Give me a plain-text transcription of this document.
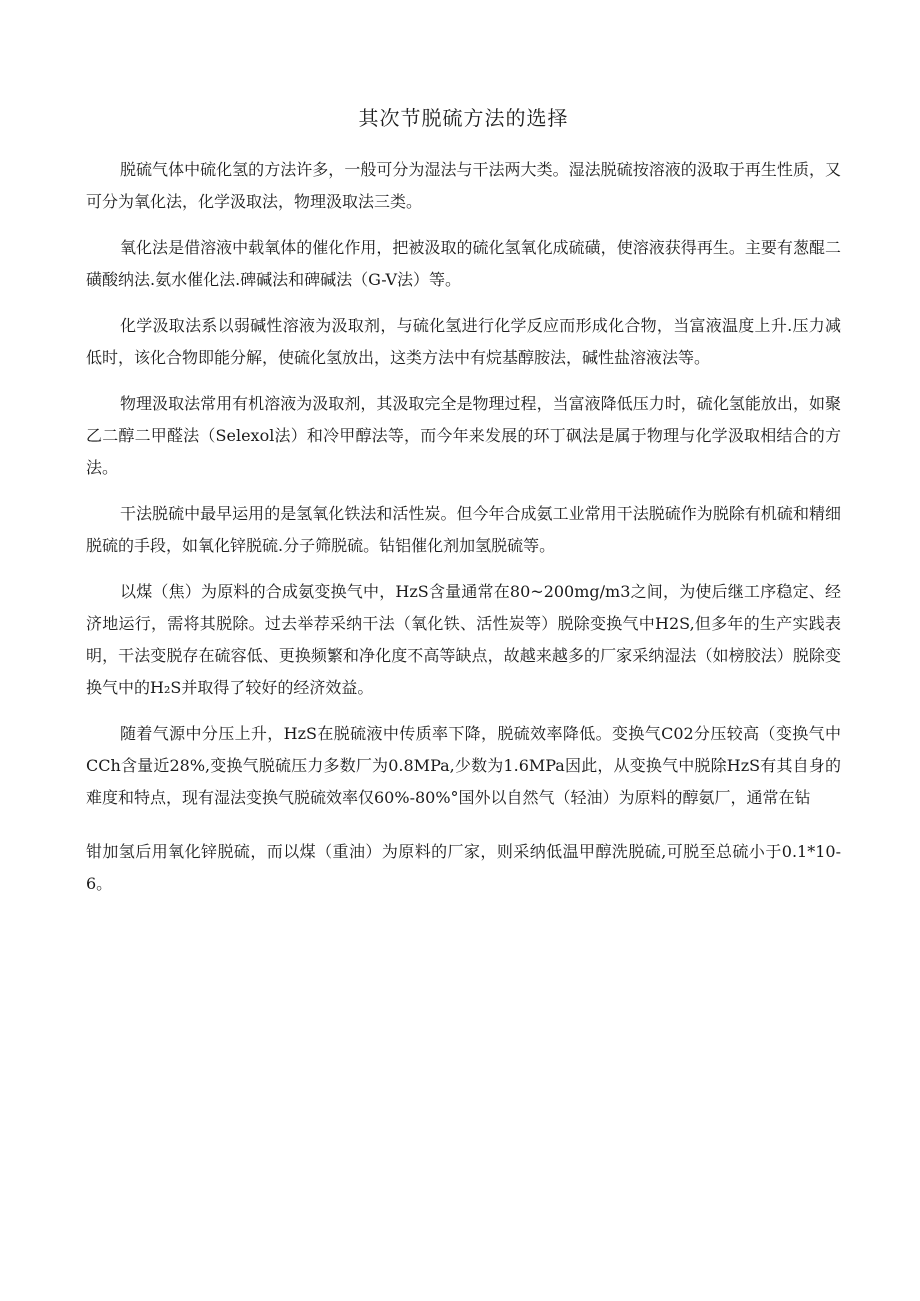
其次节脱硫方法的选择

脱硫气体中硫化氢的方法许多，一般可分为湿法与干法两大类。湿法脱硫按溶液的汲取于再生性质，又可分为氧化法，化学汲取法，物理汲取法三类。

氧化法是借溶液中载氧体的催化作用，把被汲取的硫化氢氧化成硫磺，使溶液获得再生。主要有葱醌二磺酸纳法.氨水催化法.碑碱法和碑碱法（G-V法）等。

化学汲取法系以弱碱性溶液为汲取剂，与硫化氢进行化学反应而形成化合物，当富液温度上升.压力减低时，该化合物即能分解，使硫化氢放出，这类方法中有烷基醇胺法，碱性盐溶液法等。

物理汲取法常用有机溶液为汲取剂，其汲取完全是物理过程，当富液降低压力时，硫化氢能放出，如聚乙二醇二甲醛法（Selexol法）和冷甲醇法等，而今年来发展的环丁砜法是属于物理与化学汲取相结合的方法。

干法脱硫中最早运用的是氢氧化铁法和活性炭。但今年合成氨工业常用干法脱硫作为脱除有机硫和精细脱硫的手段，如氧化锌脱硫.分子筛脱硫。钻铝催化剂加氢脱硫等。

以煤（焦）为原料的合成氨变换气中，HzS含量通常在80~200mg∕m3之间，为使后继工序稳定、经济地运行，需将其脱除。过去举荐采纳干法（氧化铁、活性炭等）脱除变换气中H2S,但多年的生产实践表明，干法变脱存在硫容低、更换频繁和净化度不高等缺点，故越来越多的厂家采纳湿法（如榜胶法）脱除变换气中的H₂S并取得了较好的经济效益。

随着气源中分压上升，HzS在脱硫液中传质率下降，脱硫效率降低。变换气C02分压较高（变换气中CCh含量近28%,变换气脱硫压力多数厂为0.8MPa,少数为1.6MPa因此，从变换气中脱除HzS有其自身的难度和特点，现有湿法变换气脱硫效率仅60%-80%°国外以自然气（轻油）为原料的醇氨厂，通常在钻

钳加氢后用氧化锌脱硫，而以煤（重油）为原料的厂家，则采纳低温甲醇洗脱硫,可脱至总硫小于0.1*10-6。
